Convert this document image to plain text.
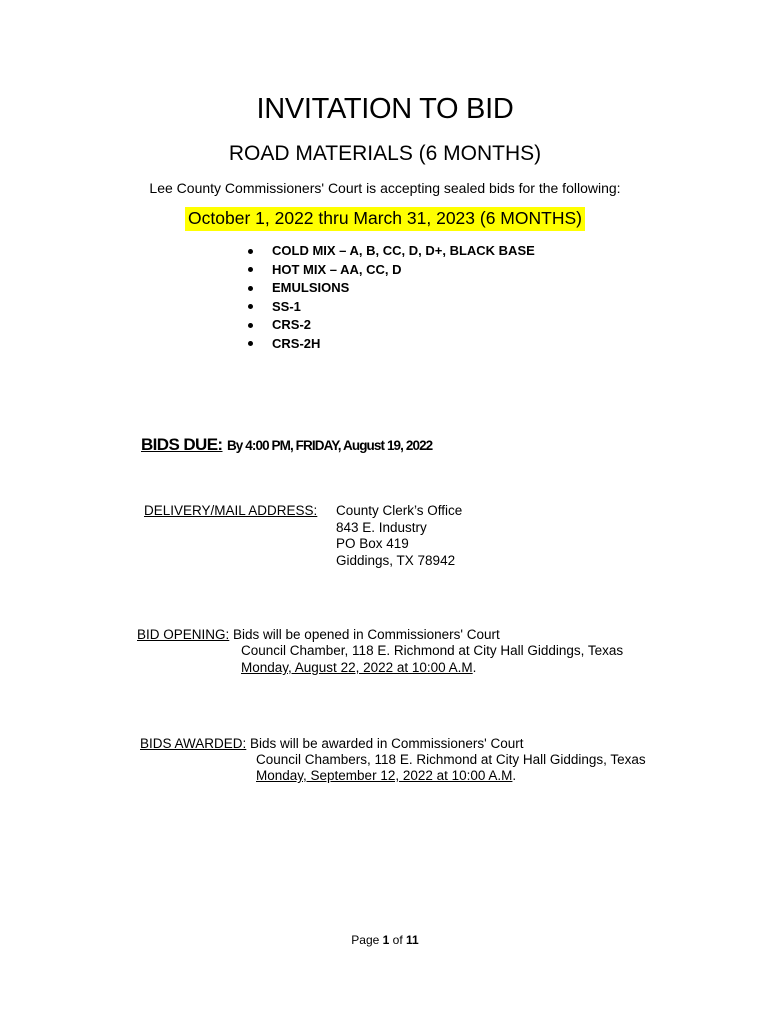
INVITATION TO BID
ROAD MATERIALS (6 MONTHS)
Lee County Commissioners' Court is accepting sealed bids for the following:
October 1, 2022 thru March 31, 2023 (6 MONTHS)
COLD MIX – A, B, CC, D, D+, BLACK BASE
HOT MIX – AA, CC, D
EMULSIONS
SS-1
CRS-2
CRS-2H
BIDS DUE: By 4:00 PM, FRIDAY, August 19, 2022
DELIVERY/MAIL ADDRESS: County Clerk’s Office
843 E. Industry
PO Box 419
Giddings, TX 78942
BID OPENING: Bids will be opened in Commissioners' Court
Council Chamber, 118 E. Richmond at City Hall Giddings, Texas
Monday, August 22, 2022 at 10:00 A.M.
BIDS AWARDED: Bids will be awarded in Commissioners' Court
Council Chambers, 118 E. Richmond at City Hall Giddings, Texas
Monday, September 12, 2022 at 10:00 A.M.
Page 1 of 11
